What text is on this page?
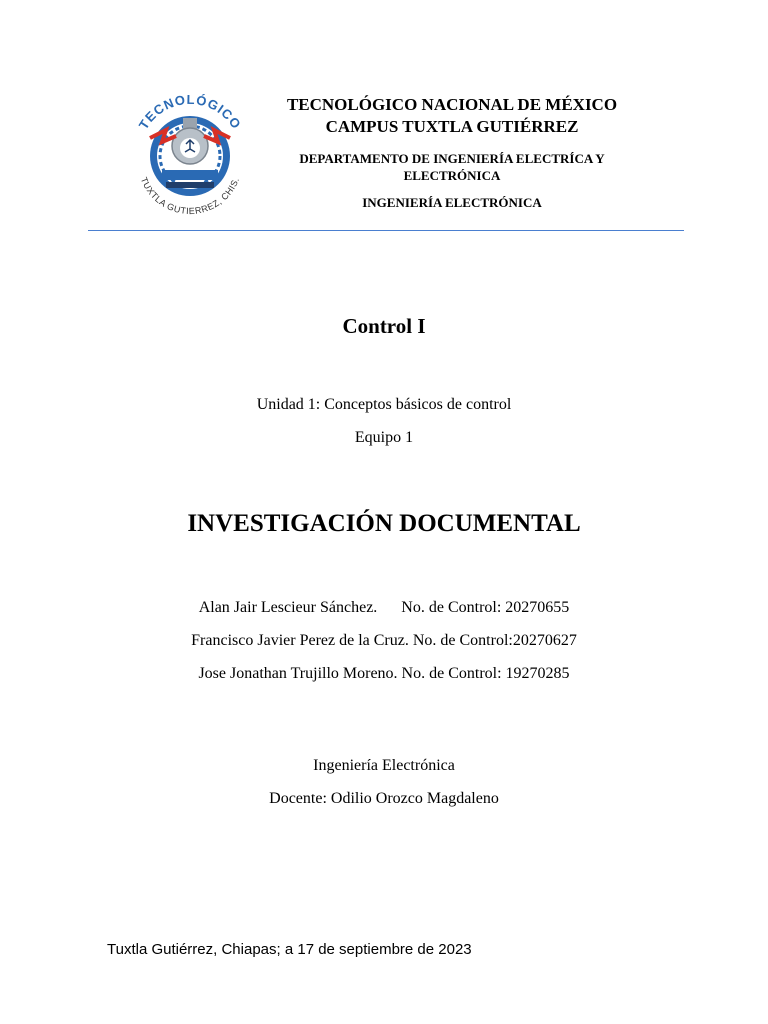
TECNOLÓGICO
TUXTLA GUTIERREZ, CHIS.
TECNOLÓGICO NACIONAL DE MÉXICO
CAMPUS TUXTLA GUTIÉRREZ
DEPARTAMENTO DE INGENIERÍA ELECTRÍCA Y ELECTRÓNICA
INGENIERÍA ELECTRÓNICA
Control I
Unidad 1: Conceptos básicos de control
Equipo 1
INVESTIGACIÓN DOCUMENTAL
Alan Jair Lescieur Sánchez.      No. de Control: 20270655
Francisco Javier Perez de la Cruz. No. de Control:20270627
Jose Jonathan Trujillo Moreno. No. de Control: 19270285
Ingeniería Electrónica
Docente: Odilio Orozco Magdaleno
Tuxtla Gutiérrez, Chiapas; a 17 de septiembre de 2023
